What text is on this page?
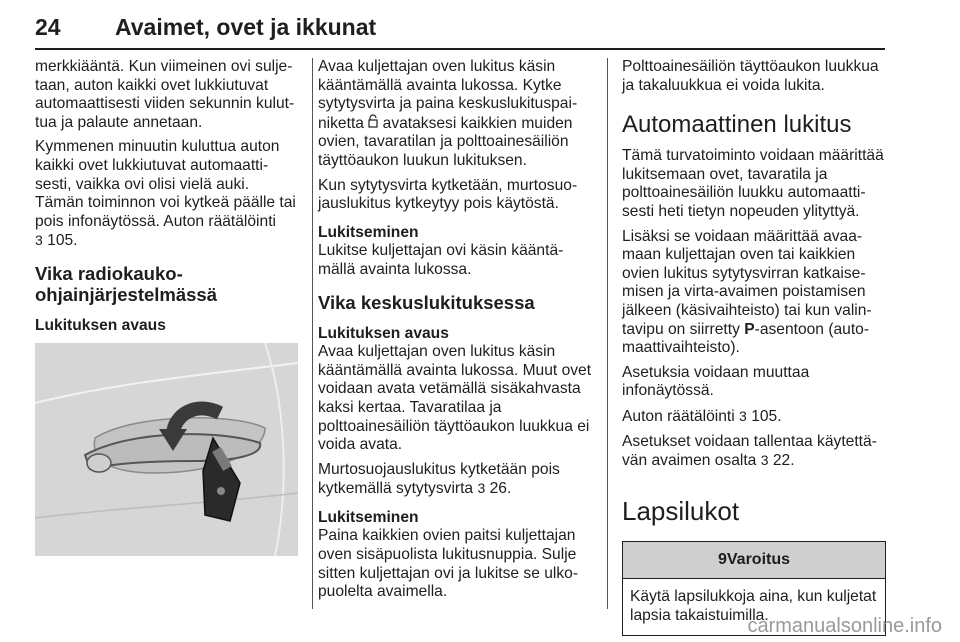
24 Avaimet, ovet ja ikkunat

merkkiääntä. Kun viimeinen ovi suljetaan, auton kaikki ovet lukkiutuvat automaattisesti viiden sekunnin kuluttua ja palaute annetaan.

Kymmenen minuutin kuluttua auton kaikki ovet lukkiutuvat automaattisesti, vaikka ovi olisi vielä auki. Tämän toiminnon voi kytkeä päälle tai pois infonäytössä. Auton räätälöinti
3 105.

Vika radiokaukoohjainjärjestelmässä
Lukituksen avaus

Avaa kuljettajan oven lukitus käsin kääntämällä avainta lukossa. Kytke sytytysvirta ja paina keskuslukituspainiketta avataksesi kaikkien muiden ovien, tavaratilan ja polttoainesäiliön täyttöaukon luukun lukituksen.

Kun sytytysvirta kytketään, murtosuojauslukitus kytkeytyy pois käytöstä.

Lukitseminen

Lukitse kuljettajan ovi käsin kääntämällä avainta lukossa.

Vika keskuslukituksessa
Lukituksen avaus

Avaa kuljettajan oven lukitus käsin kääntämällä avainta lukossa. Muut ovet voidaan avata vetämällä sisäkahvasta kaksi kertaa. Tavaratilaa ja polttoainesäiliön täyttöaukon luukkua ei voida avata.

Murtosuojauslukitus kytketään pois kytkemällä sytytysvirta 3 26.

Lukitseminen

Paina kaikkien ovien paitsi kuljettajan oven sisäpuolista lukitusnuppia. Sulje sitten kuljettajan ovi ja lukitse se ulkopuolelta avaimella.

Polttoainesäiliön täyttöaukon luukkua ja takaluukkua ei voida lukita.

Automaattinen lukitus

Tämä turvatoiminto voidaan määrittää lukitsemaan ovet, tavaratila ja polttoainesäiliön luukku automaattisesti heti tietyn nopeuden ylityttyä.

Lisäksi se voidaan määrittää avaamaan kuljettajan oven tai kaikkien ovien lukitus sytytysvirran katkaisemisen ja virta-avaimen poistamisen jälkeen (käsivaihteisto) tai kun valintavipu on siirretty P-asentoon (automaattivaihteisto).

Asetuksia voidaan muuttaa infonäytössä.

Auton räätälöinti 3 105.

Asetukset voidaan tallentaa käytettävän avaimen osalta 3 22.

Lapsilukot
9Varoitus
Käytä lapsilukkoja aina, kun kuljetat lapsia takaistuimilla.
carmanualsonline.info
